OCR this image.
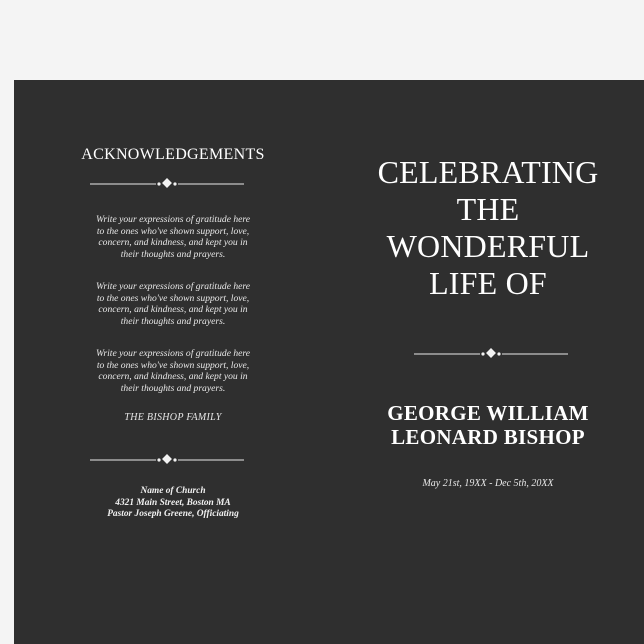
ACKNOWLEDGEMENTS

Write your expressions of gratitude here

to the ones who've shown support, love,

concern, and kindness, and kept you in

their thoughts and prayers.

Write your expressions of gratitude here

to the ones who've shown support, love,

concern, and kindness, and kept you in

their thoughts and prayers.

Write your expressions of gratitude here

to the ones who've shown support, love,

concern, and kindness, and kept you in

their thoughts and prayers.

THE BISHOP FAMILY
Name of Church
4321 Main Street, Boston MA
Pastor Joseph Greene, Officiating
CELEBRATING
THE
WONDERFUL
LIFE OF
GEORGE WILLIAM
LEONARD BISHOP
May 21st, 19XX - Dec 5th, 20XX
